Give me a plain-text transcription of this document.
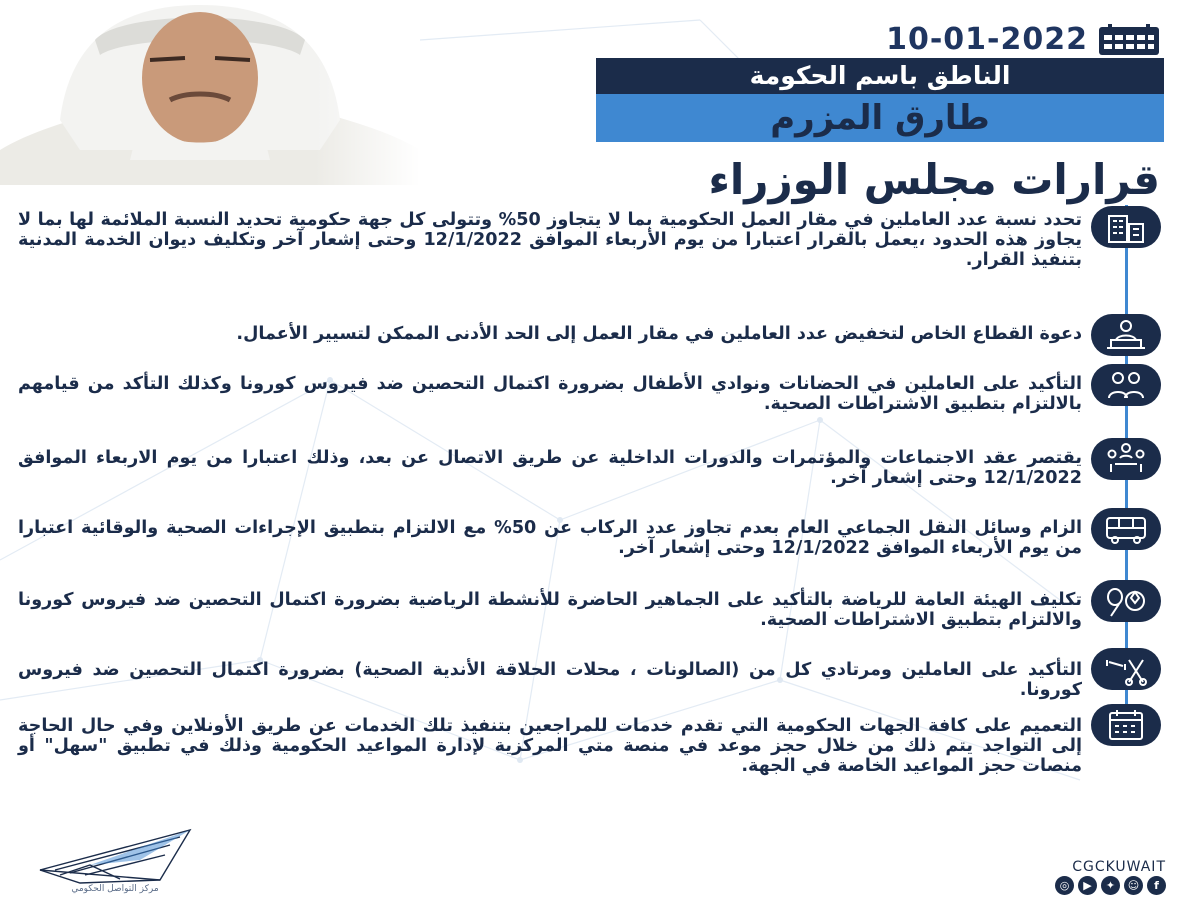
10-01-2022
الناطق باسم الحكومة
طارق المزرم
قرارات مجلس الوزراء
تحدد نسبة عدد العاملين في مقار العمل الحكومية بما لا يتجاوز 50% وتتولى كل جهة حكومية تحديد النسبة الملائمة لها بما لا يجاوز هذه الحدود ،يعمل بالقرار اعتبارا من يوم الأربعاء الموافق 12/1/2022 وحتى إشعار آخر وتكليف ديوان الخدمة المدنية بتنفيذ القرار.
دعوة القطاع الخاص لتخفيض عدد العاملين في مقار العمل إلى الحد الأدنى الممكن لتسيير الأعمال.
التأكيد على العاملين في الحضانات ونوادي الأطفال بضرورة اكتمال التحصين ضد فيروس كورونا وكذلك التأكد من قيامهم بالالتزام بتطبيق الاشتراطات الصحية.
يقتصر عقد الاجتماعات والمؤتمرات والدورات الداخلية عن طريق الاتصال عن بعد، وذلك اعتبارا من يوم الاربعاء الموافق 12/1/2022 وحتى إشعار آخر.
الزام وسائل النقل الجماعي العام بعدم تجاوز عدد الركاب عن 50% مع الالتزام بتطبيق الإجراءات الصحية والوقائية اعتبارا من يوم الأربعاء الموافق 12/1/2022 وحتى إشعار آخر.
تكليف الهيئة العامة للرياضة بالتأكيد على الجماهير الحاضرة للأنشطة الرياضية بضرورة اكتمال التحصين ضد فيروس كورونا والالتزام بتطبيق الاشتراطات الصحية.
التأكيد على العاملين ومرتادي كل من (الصالونات ، محلات الحلاقة الأندية الصحية) بضرورة اكتمال التحصين ضد فيروس كورونا.
التعميم على كافة الجهات الحكومية التي تقدم خدمات للمراجعين بتنفيذ تلك الخدمات عن طريق الأونلاين وفي حال الحاجة إلى التواجد يتم ذلك من خلال حجز موعد في منصة متي المركزية لإدارة المواعيد الحكومية وذلك في تطبيق "سهل" أو منصات حجز المواعيد الخاصة في الجهة.
مركز التواصل الحكومي
CGCKUWAIT
◎	▶	✦	☺	f
